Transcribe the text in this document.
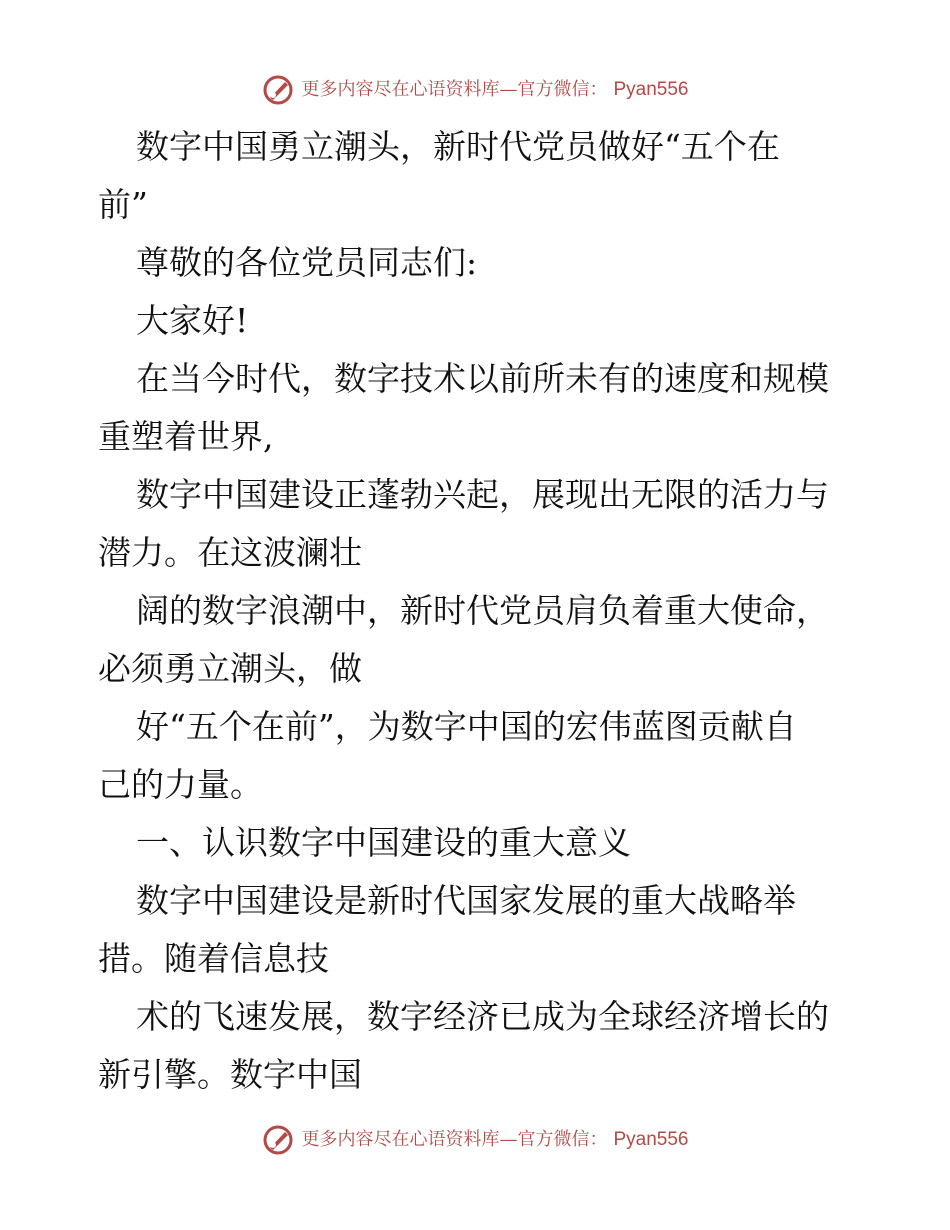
更多内容尽在心语资料库—官方微信： Pyan556
数字中国勇立潮头，新时代党员做好“五个在
前”
尊敬的各位党员同志们:
大家好!
在当今时代，数字技术以前所未有的速度和规模
重塑着世界,
数字中国建设正蓬勃兴起，展现出无限的活力与
潜力。在这波澜壮
阔的数字浪潮中，新时代党员肩负着重大使命，
必须勇立潮头，做
好“五个在前”，为数字中国的宏伟蓝图贡献自
己的力量。
一、认识数字中国建设的重大意义
数字中国建设是新时代国家发展的重大战略举
措。随着信息技
术的飞速发展，数字经济已成为全球经济增长的
新引擎。数字中国
更多内容尽在心语资料库—官方微信： Pyan556
